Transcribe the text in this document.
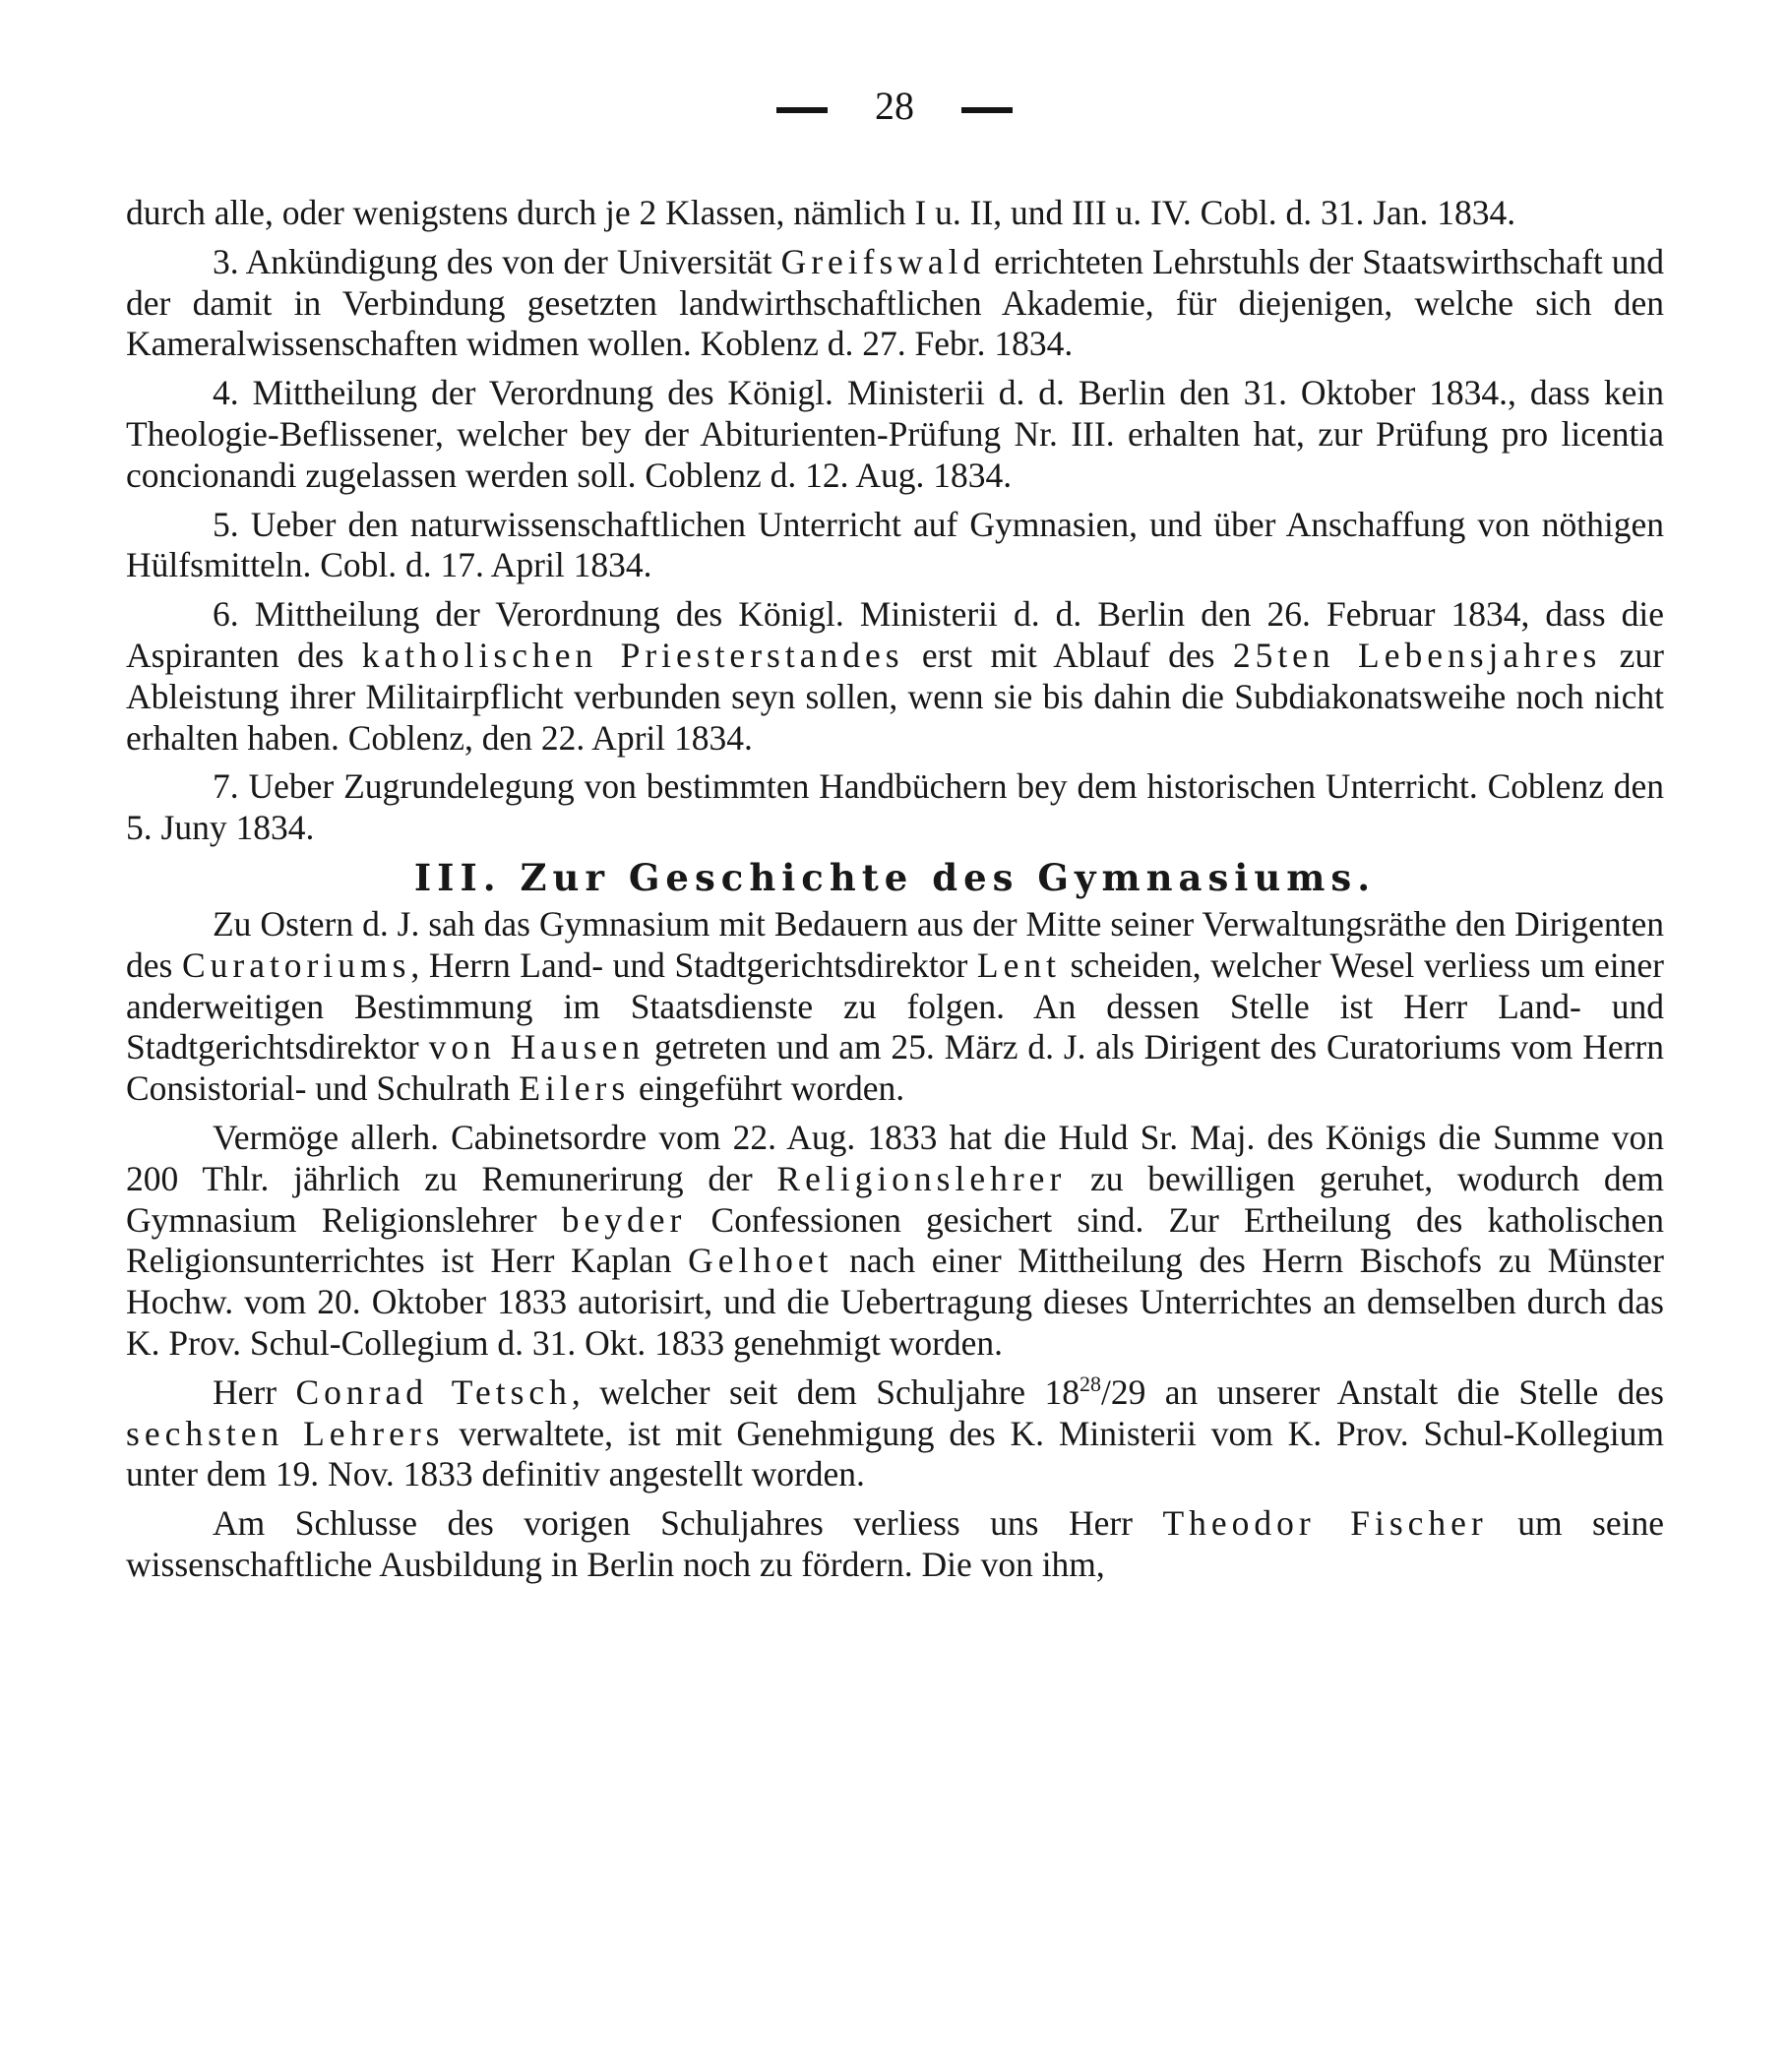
28

durch alle, oder wenigstens durch je 2 Klassen, nämlich I u. II, und III u. IV. Cobl. d. 31. Jan. 1834.

3. Ankündigung des von der Universität Greifswald errichteten Lehrstuhls der Staatswirthschaft und der damit in Verbindung gesetzten landwirthschaftlichen Akademie, für diejenigen, welche sich den Kameralwissenschaften widmen wollen. Koblenz d. 27. Febr. 1834.

4. Mittheilung der Verordnung des Königl. Ministerii d. d. Berlin den 31. Oktober 1834., dass kein Theologie-Beflissener, welcher bey der Abiturienten-Prüfung Nr. III. erhalten hat, zur Prüfung pro licentia concionandi zugelassen werden soll. Coblenz d. 12. Aug. 1834.

5. Ueber den naturwissenschaftlichen Unterricht auf Gymnasien, und über Anschaffung von nöthigen Hülfsmitteln. Cobl. d. 17. April 1834.

6. Mittheilung der Verordnung des Königl. Ministerii d. d. Berlin den 26. Februar 1834, dass die Aspiranten des katholischen Priesterstandes erst mit Ablauf des 25ten Lebensjahres zur Ableistung ihrer Militairpflicht verbunden seyn sollen, wenn sie bis dahin die Subdiakonatsweihe noch nicht erhalten haben. Coblenz, den 22. April 1834.

7. Ueber Zugrundelegung von bestimmten Handbüchern bey dem historischen Unterricht. Coblenz den 5. Juny 1834.

III. Zur Geschichte des Gymnasiums.

Zu Ostern d. J. sah das Gymnasium mit Bedauern aus der Mitte seiner Verwaltungsräthe den Dirigenten des Curatoriums, Herrn Land- und Stadtgerichtsdirektor Lent scheiden, welcher Wesel verliess um einer anderweitigen Bestimmung im Staatsdienste zu folgen. An dessen Stelle ist Herr Land- und Stadtgerichtsdirektor von Hausen getreten und am 25. März d. J. als Dirigent des Curatoriums vom Herrn Consistorial- und Schulrath Eilers eingeführt worden.

Vermöge allerh. Cabinetsordre vom 22. Aug. 1833 hat die Huld Sr. Maj. des Königs die Summe von 200 Thlr. jährlich zu Remunerirung der Religionslehrer zu bewilligen geruhet, wodurch dem Gymnasium Religionslehrer beyder Confessionen gesichert sind. Zur Ertheilung des katholischen Religionsunterrichtes ist Herr Kaplan Gelhoet nach einer Mittheilung des Herrn Bischofs zu Münster Hochw. vom 20. Oktober 1833 autorisirt, und die Uebertragung dieses Unterrichtes an demselben durch das K. Prov. Schul-Collegium d. 31. Okt. 1833 genehmigt worden.

Herr Conrad Tetsch, welcher seit dem Schuljahre $18^{28}/29$ an unserer Anstalt die Stelle des sechsten Lehrers verwaltete, ist mit Genehmigung des K. Ministerii vom K. Prov. Schul-Kollegium unter dem 19. Nov. 1833 definitiv angestellt worden.

Am Schlusse des vorigen Schuljahres verliess uns Herr Theodor Fischer um seine wissenschaftliche Ausbildung in Berlin noch zu fördern. Die von ihm,
